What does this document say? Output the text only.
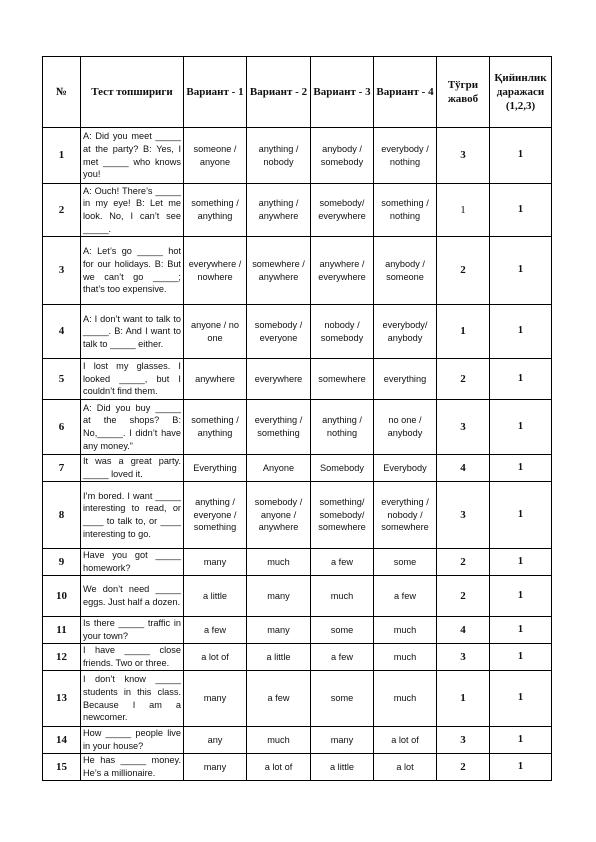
№	Тест топшириги	Вариант - 1	Вариант - 2	Вариант - 3	Вариант - 4	Тўгри жавоб	Қийинлик даражаси (1,2,3)
1	A: Did you meet _____ at the party? B: Yes, I met _____ who knows you!	someone / anyone	anything / nobody	anybody / somebody	everybody / nothing	3	1
2	A: Ouch! There’s _____ in my eye! B: Let me look. No, I can’t see _____.	something / anything	anything / anywhere	somebody/ everywhere	something / nothing	1	1
3	A: Let’s go _____ hot for our holidays. B: But we can’t go _____; that’s too expensive.	everywhere / nowhere	somewhere / anywhere	anywhere / everywhere	anybody / someone	2	1
4	A: I don’t want to talk to _____. B: And I want to talk to _____ either.	anyone / no one	somebody / everyone	nobody / somebody	everybody/ anybody	1	1
5	I lost my glasses. I looked _____, but I couldn’t find them.	anywhere	everywhere	somewhere	everything	2	1
6	A: Did you buy _____ at the shops? B: No,_____. I didn’t have any money.”	something / anything	everything / something	anything / nothing	no one / anybody	3	1
7	It was a great party. _____ loved it.	Everything	Anyone	Somebody	Everybody	4	1
8	I’m bored. I want _____ interesting to read, or ____ to talk to, or ____ interesting to go.	anything / everyone / something	somebody / anyone / anywhere	something/ somebody/ somewhere	everything / nobody / somewhere	3	1
9	Have you got _____ homework?	many	much	a few	some	2	1
10	We don’t need _____ eggs. Just half a dozen.	a little	many	much	a few	2	1
11	Is there _____ traffic in your town?	a few	many	some	much	4	1
12	I have _____ close friends. Two or three.	a lot of	a little	a few	much	3	1
13	I don’t know _____ students in this class. Because I am a newcomer.	many	a few	some	much	1	1
14	How _____ people live in your house?	any	much	many	a lot of	3	1
15	He has _____ money. He’s a millionaire.	many	a lot of	a little	a lot	2	1
